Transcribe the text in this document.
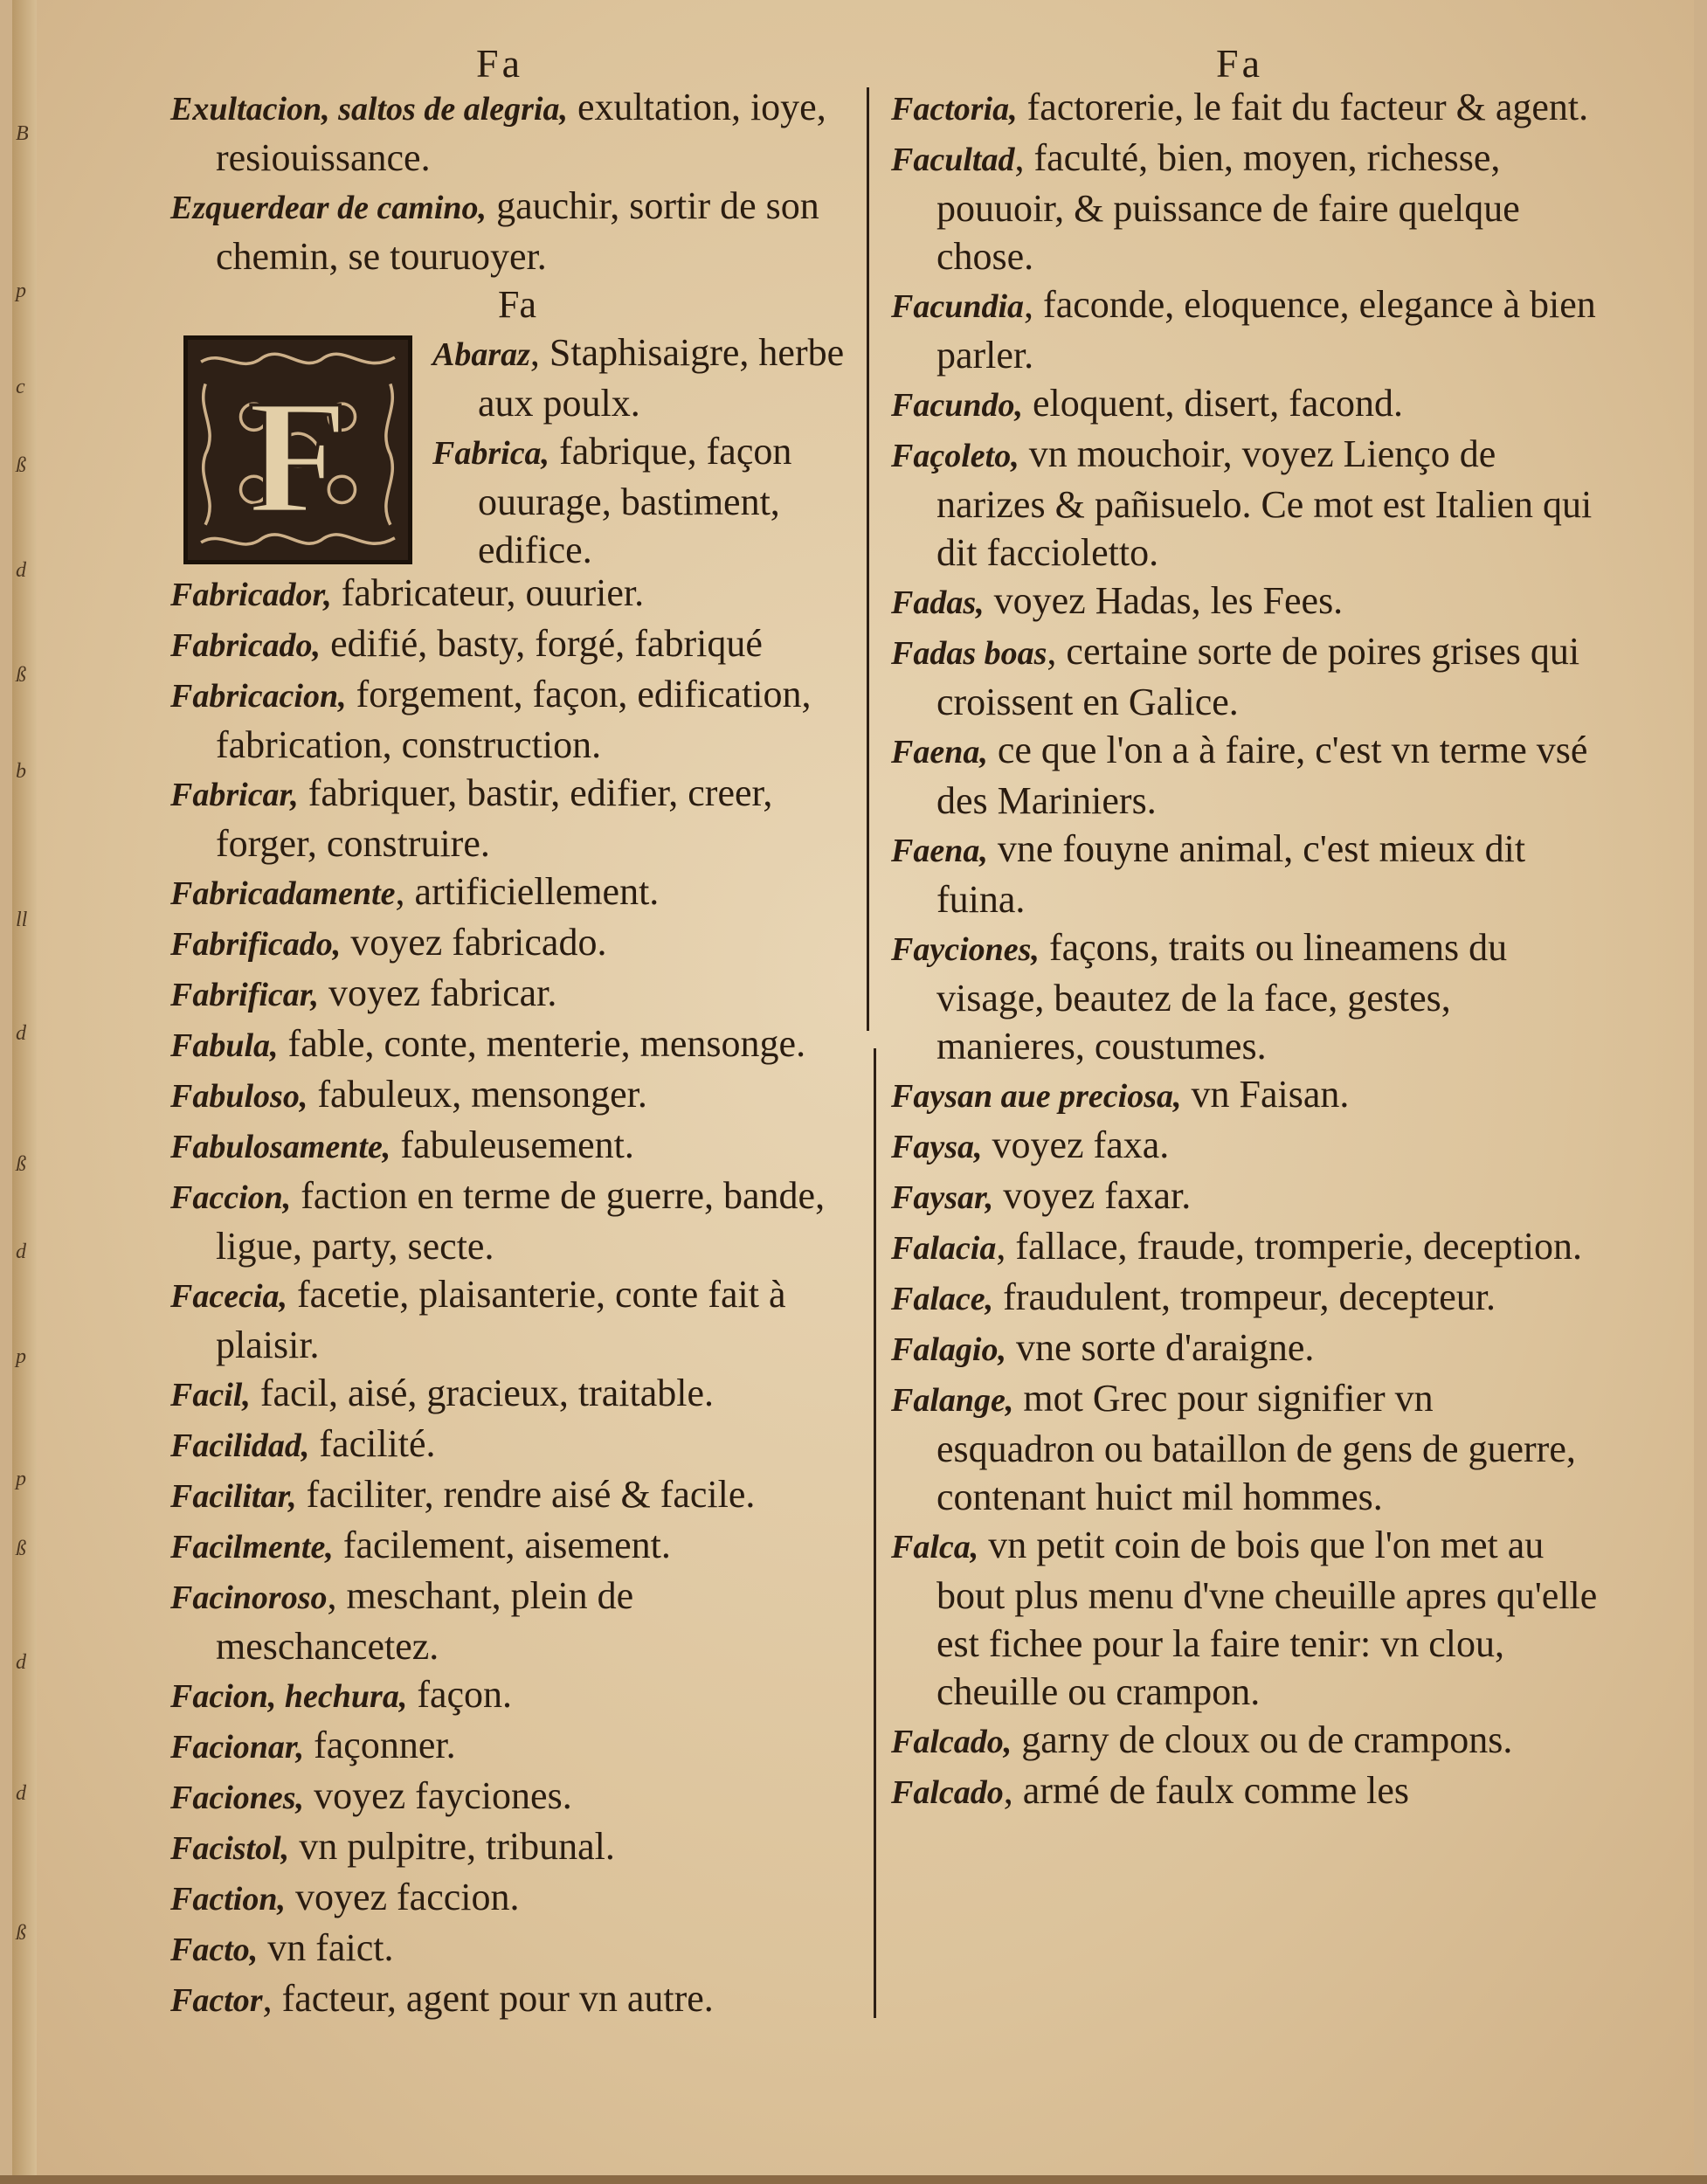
B
p
c
ß
d
ß
b
ll
d
ß
d
p
p
ß
d
d
ß
Fa	Fa

Exultacion, saltos de alegria, exultation, ioye, resiouissance.

Ezquerdear de camino, gauchir, sortir de son chemin, se touruoyer.

Fa

F

Abaraz, Staphisaigre, herbe aux poulx.

Fabrica, fabrique, façon ouurage, bastiment, edifice.

Fabricador, fabricateur, ouurier.

Fabricado, edifié, basty, forgé, fabriqué

Fabricacion, forgement, façon, edification, fabrication, construction.

Fabricar, fabriquer, bastir, edifier, creer, forger, construire.

Fabricadamente, artificiellement.

Fabrificado, voyez fabricado.

Fabrificar, voyez fabricar.

Fabula, fable, conte, menterie, mensonge.

Fabuloso, fabuleux, mensonger.

Fabulosamente, fabuleusement.

Faccion, faction en terme de guerre, bande, ligue, party, secte.

Facecia, facetie, plaisanterie, conte fait à plaisir.

Facil, facil, aisé, gracieux, traitable.

Facilidad, facilité.

Facilitar, faciliter, rendre aisé & facile.

Facilmente, facilement, aisement.

Facinoroso, meschant, plein de meschancetez.

Facion, hechura, façon.

Facionar, façonner.

Faciones, voyez fayciones.

Facistol, vn pulpitre, tribunal.

Faction, voyez faccion.

Facto, vn faict.

Factor, facteur, agent pour vn autre.

Factoria, factorerie, le fait du facteur & agent.

Facultad, faculté, bien, moyen, richesse, pouuoir, & puissance de faire quelque chose.

Facundia, faconde, eloquence, elegance à bien parler.

Facundo, eloquent, disert, facond.

Façoleto, vn mouchoir, voyez Lienço de narizes & pañisuelo. Ce mot est Italien qui dit faccioletto.

Fadas, voyez Hadas, les Fees.

Fadas boas, certaine sorte de poires grises qui croissent en Galice.

Faena, ce que l'on a à faire, c'est vn terme vsé des Mariniers.

Faena, vne fouyne animal, c'est mieux dit fuina.

Fayciones, façons, traits ou lineamens du visage, beautez de la face, gestes, manieres, coustumes.

Faysan aue preciosa, vn Faisan.

Faysa, voyez faxa.

Faysar, voyez faxar.

Falacia, fallace, fraude, tromperie, deception.

Falace, fraudulent, trompeur, decepteur.

Falagio, vne sorte d'araigne.

Falange, mot Grec pour signifier vn esquadron ou bataillon de gens de guerre, contenant huict mil hommes.

Falca, vn petit coin de bois que l'on met au bout plus menu d'vne cheuille apres qu'elle est fichee pour la faire tenir: vn clou, cheuille ou crampon.

Falcado, garny de cloux ou de crampons.

Falcado, armé de faulx comme les
